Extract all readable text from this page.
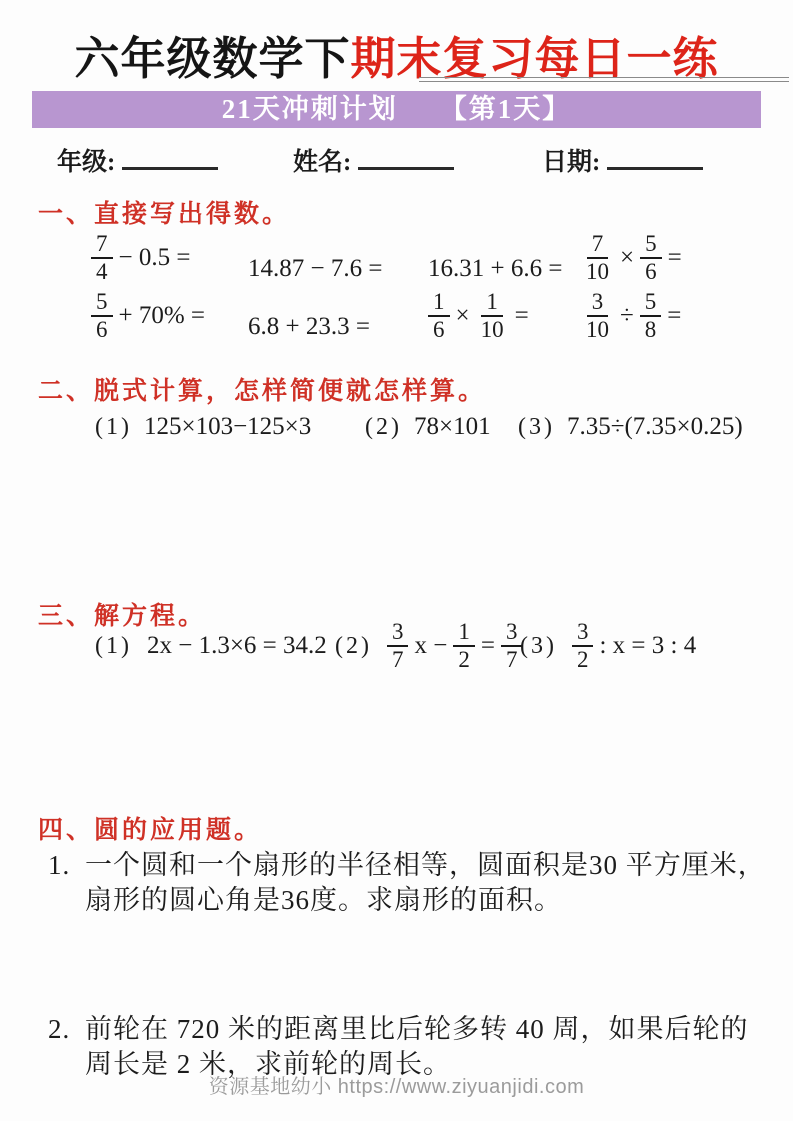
六年级数学下期末复习每日一练
21天冲刺计划 【第1天】
年级:	姓名:	日期:
一、直接写出得数。
$\frac{7}{4} - 0.5 = 14.87 - 7.6 = 16.31 + 6.6 = \frac{7}{10} \times \frac{5}{6}$ =
$\frac{5}{6} + 70\% = 6.8 + 23.3$ =	$\frac{1}{6} \times \frac{1}{10} = \frac{3}{10} \div \frac{5}{8}$ =
二、脱式计算，怎样简便就怎样算。
(1) 125×103−125×3 (2) 78×101 (3) 7.35÷(7.35×0.25)
三、解方程。
(1) 2x − 1.3×6 = 34.2 $(2) \frac{3}{7}$ $x - \frac{1}{2} = \frac{3}{7}$
$(3) \frac{3}{2}$ : x = 3 : 4
四、圆的应用题。
1. 一个圆和一个扇形的半径相等，圆面积是30 平方厘米，扇形的圆心角是36度。求扇形的面积。
2. 前轮在 720 米的距离里比后轮多转 40 周，如果后轮的周长是 2 米，求前轮的周长。
资源基地幼小 https://www.ziyuanjidi.com
